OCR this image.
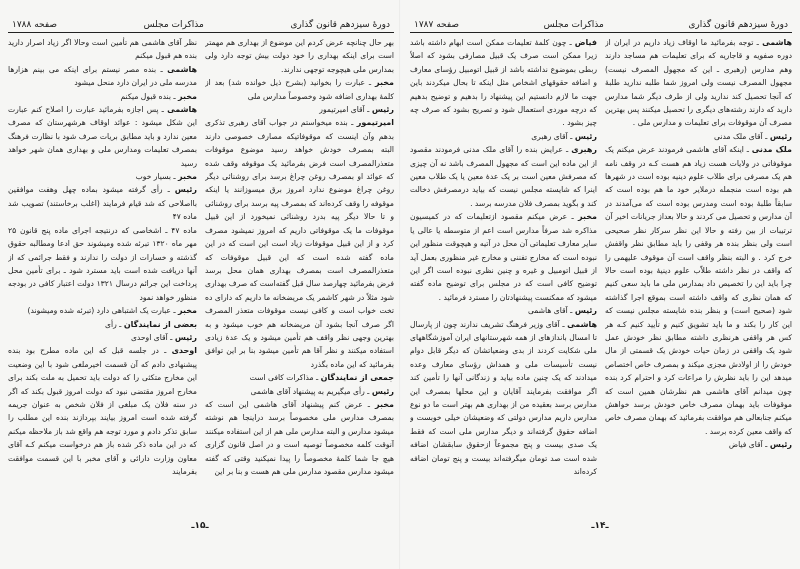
دورهٔ سیزدهم قانون گذاری
مذاکرات مجلس
صفحه ۱۷۸۸

بهر حال چنانچه عرض کردم این موضوع از بهداری هم مهمتر است برای اینکه بهداری را خود دولت بیش توجه دارد ولی بمدارس ملی هیچوجه توجهی ندارند.

مخبر ـ عبارت را بخوانید (بشرح ذیل خوانده شد) بعد از کلمهٔ بهداری اضافه شود وخصوصاً مدارس ملی

رئیس ـ آقای امیرتیمور

امیرتیمور ـ بنده میخواستم در جواب آقای رهبری تذکری بدهم وآن اینست که موقوفاتیکه مصارف خصوصی دارند البته بمصرف خودش خواهد رسید موضوع موقوفات متعذرالمصرف است فرض بفرمائید یک موقوفه وقف شده که عوائد او بمصرف روغن چراغ برسد برای روشنائی دیگر روغن چراغ موضوع ندارد امروز برق میسوزانند یا اینکه موقوفه را وقف کرده‌اند که بمصرف پیه برسد برای روشنائی و تا حالا دیگر پیه بدرد روشنائی نمیخورد از این قبیل موقوفات ما یک موقوفاتی داریم که امروز نمیشود مصرف کرد و از این قبیل موقوفات زیاد است این است که در این ماده گفته شده است که این قبیل موقوفات که متعذرالمصرف است بمصرف بهداری همان محل برسد فرض بفرمائید چهارصد سال قبل گفته‌است که صرف بهداری شود مثلاً در شهر کاشمر یک مریضخانه ما داریم که دارای ده تخت خواب است و کافی نیست موقوفات متعذر المصرف اگر صرف آنجا بشود آن مریضخانه هم خوب میشود و به بهترین وجهی نظر واقف هم تأمین میشود و یک عدهٔ زیادی استفاده میکنند و نظر آقا هم تأمین میشود بنا بر این توافق بفرمائید که این ماده بگذرد

جمعی از نمایندگان ـ مذاکرات کافی است

رئیس ـ رأی میگیریم به پیشنهاد آقای هاشمی

مخبر ـ عرض کنم پیشنهاد آقای هاشمی این است که بمصرف مدارس ملی مخصوصاً برسد دراینجا هم نوشته میشود مدارس و البته مدارس ملی هم از این استفاده میکنند آنوقت کلمه مخصوصاً توصیه است و در اصل قانون گزاری هیچ جا شما کلمهٔ مخصوصاً را پیدا نمیکنید وقتی که گفته میشود مدارس مقصود مدارس ملی هم هست و بنا بر این

نظر آقای هاشمی هم تأمین است وحالا اگر زیاد اصرار دارید بنده هم قبول میکنم

هاشمی ـ بنده مصر نیستم برای اینکه می بینم هزارها مدرسه ملی در ایران دارد منحل میشود

مخبر ـ بنده قبول میکنم

هاشمی ـ پس اجازه بفرمائید عبارت را اصلاح کنم عبارت این شکل میشود : عوائد اوقاف هرشهرستان که مصرف معین ندارد و باید مطابق بریات صرف شود با نظارت فرهنگ بمصرف تعلیمات ومدارس ملی و بهداری همان شهر خواهد رسید

مخبر ـ بسیار خوب

رئیس ـ رأی گرفته میشود بماده چهل وهفت موافقین بااصلاحی که شد قیام فرمایند (اغلب برخاستند) تصویب شد ماده ۴۷

ماده ۴۷ ـ اشخاصی که درنتیجه اجرای ماده پنج قانون ۲۵ مهر ماه ۱۳۲۰ تبرئه شده ومیشوند حق ادعا ومطالبه حقوق گذشته و خسارات از دولت را ندارند و فقط جرائمی که از آنها دریافت شده است باید مسترد شود ـ برای تأمین محل پرداخت این جرائم درسال ۱۳۲۱ دولت اعتبار کافی در بودجه منظور خواهد نمود

مخبر ـ عبارت یک اشتباهی دارد (تبرئه شده ومیشوند)

بعضی از نمایندگان ـ رأی

رئیس ـ آقای اوحدی

اوحدی ـ در جلسه قبل که این ماده مطرح بود بنده پیشنهادی دادم که آن قسمت اخیرملغی شود با این وضعیت این مخارج متکثی را که دولت باید تحمیل به ملت بکند برای مخارج امروز مقتضی نبود که دولت امروز قبول بکند که اگر در سنه فلان یک مبلغی از فلان شخص به عنوان جریمه گرفته شده است امروز بیایند بپردازند بنده این مطلب را سابق تذکر دادم و مورد توجه هم واقع شد باز ملاحظه میکنم که در این ماده ذکر شده باز هم درخواست میکنم کـه آقای معاون وزارت دارائی و آقای مخبر با این قسمت موافقت بفرمایند

ـ۱۵ـ
دورهٔ سیزدهم قانون گذاری
مذاکرات مجلس
صفحه ۱۷۸۷

هاشمی ـ توجه بفرمائید ما اوقاف زیاد داریم در ایران از دوره صفویه و قاجاریه که برای تعلیمات هم مساجد دارند وهم مدارس (رهبری ـ این که مجهول المصرف نیست) مجهول المصرف نیست ولی امروز شما طلبه ندارید طلبهٔ که آنجا تحصیل کند ندارید ولی از طرف دیگر شما مدارس دارید که دارند رشته‌های دیگری را تحصیل میکنند پس بهترین مصرف آن موقوفات برای تعلیمات و مدارس ملی .

رئیس ـ آقای ملک مدنی

ملک مدنی ـ اینکه آقای هاشمی فرمودند عرض میکنم یک موقوفاتی در ولایات هست زیاد هم هست کـه در وقف نامه هم یک مصرفی برای طلاب علوم دینیه بوده است در شهرها هم بوده است منجمله درملایر خود ما هم بوده است که سابقاً طلبهٔ بوده است ومدرس بوده است که می‌آمدند در آن مدارس و تحصیل می کردند و حالا بعداز جریانات اخیر آن ترتیبات از بین رفته و حالا این نظر سرکار نظر صحیحی است ولی بنظر بنده هر وقفی را باید مطابق نظر واقفش خرج کرد . و البته بنظر واقف است آن موقوف علیهمی را که واقف در نظر داشته طلاّب علوم دینیهٔ بوده است حالا چرا باید این را تخصیص داد بمدارس ملی ما باید سعی کنیم که همان نظری که واقف داشته است بموقع اجرا گذاشته شود (صحیح است) و بنظر بنده شایسته مجلس نیست که این کار را بکند و ما باید تشویق کنیم و تأیید کنیم کـه هر کس هر واقفی هرنظری داشته مطابق نظر خودش عمل شود یک واقفی در زمان حیات خودش یک قسمتی از مال خودش را از اولادش مجزی میکند و بمصرف خاص اختصاص میدهد این را باید نظرش را مراعات کرد و احترام کرد بنده چون میدانم آقای هاشمی هم نظرشان همین است که موقوفات باید بهمان مصرف خاص خودش برسد خواهش میکنم جنابعالی هم موافقت بفرمائید که بهمان مصرف خاص که واقف معین کرده برسد .

رئیس ـ آقای فیاض

فیاض ـ چون کلمهٔ تعلیمات ممکن است ابهام داشته باشد زیرا ممکن است صرف یک قبیل مصارفی بشود که اصلاً ربطی بموضوع نداشته باشد از قبیل اتومبیل رؤسای معارف و اضافه حقوقهای اشخاص مثل اینکه تا بحال میکردند باین جهت ما لازم دانستیم این پیشنهاد را بدهیم و توضیح بدهیم که درچه موردی استعمال شود و تصریح بشود که صرف چه چیز بشود .

رئیس ـ آقای رهبری

رهبری ـ عرایض بنده را آقای ملک مدنی فرمودند مقصود از این ماده این است که مجهول المصرف باشد نه آن چیزی که مصرفش معین است بر یک عدهٔ معین یا یک طلاب معین اینرا که شایسته مجلس نیست که بیاید درمصرفش دخالت کند و بگوید بمصرف فلان مدرسه برسد .

مخبر ـ عرض میکنم مقصود ازتعلیمات که در کمیسیون مذاکره شد صرفاً مدارس است اعم از متوسطه یا عالی یا سایر معارف تعلیماتی آن محل در آتیه و هیچوقت منظور این نبوده است که مخارج تفننی و مخارج غیر منظوری بعمل آید از قبیل اتومبیل و غیره و چنین نظری نبوده است اگر این توضیح کافی است که در مجلس برای توضیح ماده گفته میشود که ممکنست پیشنهادتان را مسترد فرمائید .

رئیس ـ آقای هاشمی

هاشمی ـ آقای وزیر فرهنگ تشریف ندارند چون از پارسال تا امسال باندازهای از همه شهرستانهای ایران آموزشگاههای ملی شکایت کردند از بدی وضعیاتشان که دیگر قابل دوام نیست تأسیسات ملی و همداش رؤسای معارف وعده میدادند که یک چنین ماده بیاید و زندگانی آنها را تأمین کند اگر موافقت بفرمایند آقایان و این محلها بمصرف این مدارس برسد بعقیده من از بهداری هم بهتر است ما دو نوع مدارس داریم مدارس دولتی که وضعیشان خیلی خوبست و اضافه حقوق گرفته‌اند و دیگر مدارس ملی است که فقط یک صدی بیست و پنج مجموعاً ازحقوق سابقشان اضافه شده است صد تومان میگرفته‌اند بیست و پنج تومان اضافه کرده‌اند

ـ۱۴ـ
